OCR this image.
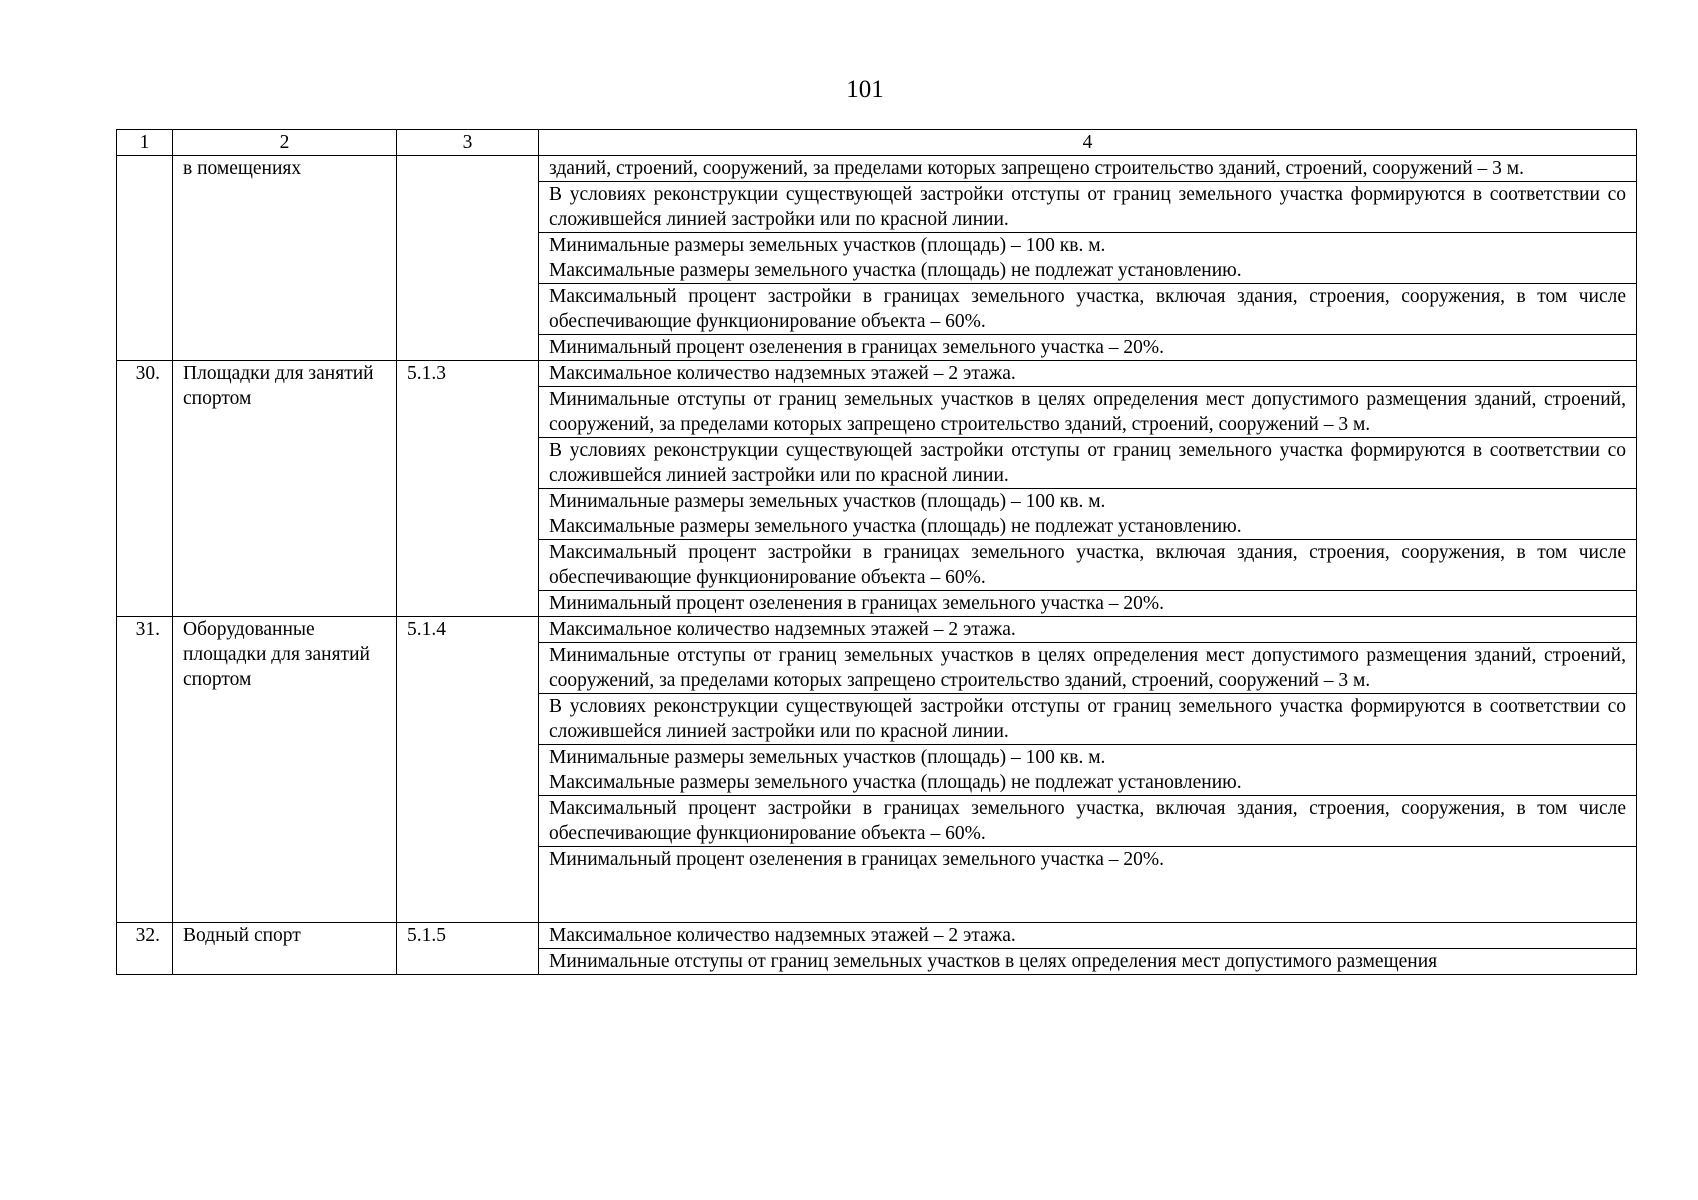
101
1	2	3	4
	в помещениях		зданий, строений, сооружений, за пределами которых запрещено строительство зданий, строений, сооружений – 3 м.
			В условиях реконструкции существующей застройки отступы от границ земельного участка формируются в соответствии со сложившейся линией застройки или по красной линии.

			Минимальные размеры земельных участков (площадь) – 100 кв. м.
Максимальные размеры земельного участка (площадь) не подлежат установлению.

			Максимальный процент застройки в границах земельного участка, включая здания, строения, сооружения, в том числе обеспечивающие функционирование объекта – 60%.
			Минимальный процент озеленения в границах земельного участка – 20%.
30.	Площадки для занятий спортом	5.1.3	Максимальное количество надземных этажей – 2 этажа.
			Минимальные отступы от границ земельных участков в целях определения мест допустимого размещения зданий, строений, сооружений, за пределами которых запрещено строительство зданий, строений, сооружений – 3 м.
			В условиях реконструкции существующей застройки отступы от границ земельного участка формируются в соответствии со сложившейся линией застройки или по красной линии.

			Минимальные размеры земельных участков (площадь) – 100 кв. м.
Максимальные размеры земельного участка (площадь) не подлежат установлению.

			Максимальный процент застройки в границах земельного участка, включая здания, строения, сооружения, в том числе обеспечивающие функционирование объекта – 60%.
			Минимальный процент озеленения в границах земельного участка – 20%.
31.	Оборудованные площадки для занятий спортом	5.1.4	Максимальное количество надземных этажей – 2 этажа.
			Минимальные отступы от границ земельных участков в целях определения мест допустимого размещения зданий, строений, сооружений, за пределами которых запрещено строительство зданий, строений, сооружений – 3 м.
			В условиях реконструкции существующей застройки отступы от границ земельного участка формируются в соответствии со сложившейся линией застройки или по красной линии.

			Минимальные размеры земельных участков (площадь) – 100 кв. м.
Максимальные размеры земельного участка (площадь) не подлежат установлению.

			Максимальный процент застройки в границах земельного участка, включая здания, строения, сооружения, в том числе обеспечивающие функционирование объекта – 60%.
			Минимальный процент озеленения в границах земельного участка – 20%.
32.	Водный спорт	5.1.5	Максимальное количество надземных этажей – 2 этажа.
			Минимальные отступы от границ земельных участков в целях определения мест допустимого размещения
